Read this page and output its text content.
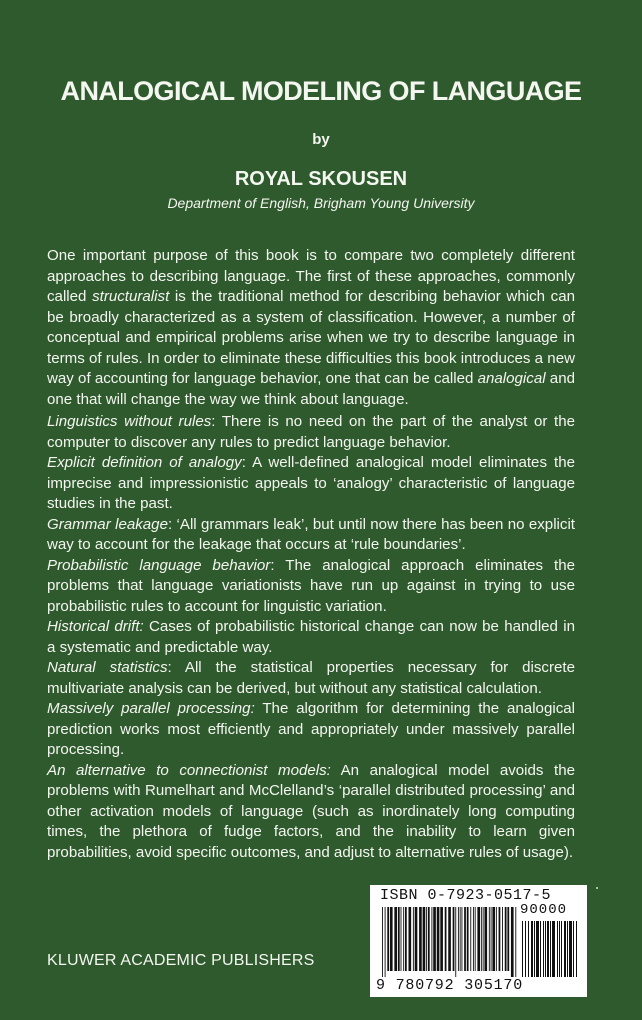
ANALOGICAL MODELING OF LANGUAGE
by
ROYAL SKOUSEN
Department of English, Brigham Young University

One important purpose of this book is to compare two completely different approaches to describing language. The first of these approaches, commonly called structuralist is the traditional method for describing behavior which can be broadly characterized as a system of classification. However, a number of conceptual and empirical problems arise when we try to describe language in terms of rules. In order to eliminate these difficulties this book introduces a new way of accounting for language behavior, one that can be called analogical and one that will change the way we think about language.

Linguistics without rules: There is no need on the part of the analyst or the computer to discover any rules to predict language behavior.

Explicit definition of analogy: A well-defined analogical model eliminates the imprecise and impressionistic appeals to ‘analogy’ characteristic of language studies in the past.

Grammar leakage: ‘All grammars leak’, but until now there has been no explicit way to account for the leakage that occurs at ‘rule boundaries’.

Probabilistic language behavior: The analogical approach eliminates the problems that language variationists have run up against in trying to use probabilistic rules to account for linguistic variation.

Historical drift: Cases of probabilistic historical change can now be handled in a systematic and predictable way.

Natural statistics: All the statistical properties necessary for discrete multivariate analysis can be derived, but without any statistical calculation.

Massively parallel processing: The algorithm for determining the analogical prediction works most efficiently and appropriately under massively parallel processing.

An alternative to connectionist models: An analogical model avoids the problems with Rumelhart and McClelland’s ‘parallel distributed processing’ and other activation models of language (such as inordinately long computing times, the plethora of fudge factors, and the inability to learn given probabilities, avoid specific outcomes, and adjust to alternative rules of usage).

KLUWER ACADEMIC PUBLISHERS
ISBN 0-7923-0517-5
90000
9 780792 305170
